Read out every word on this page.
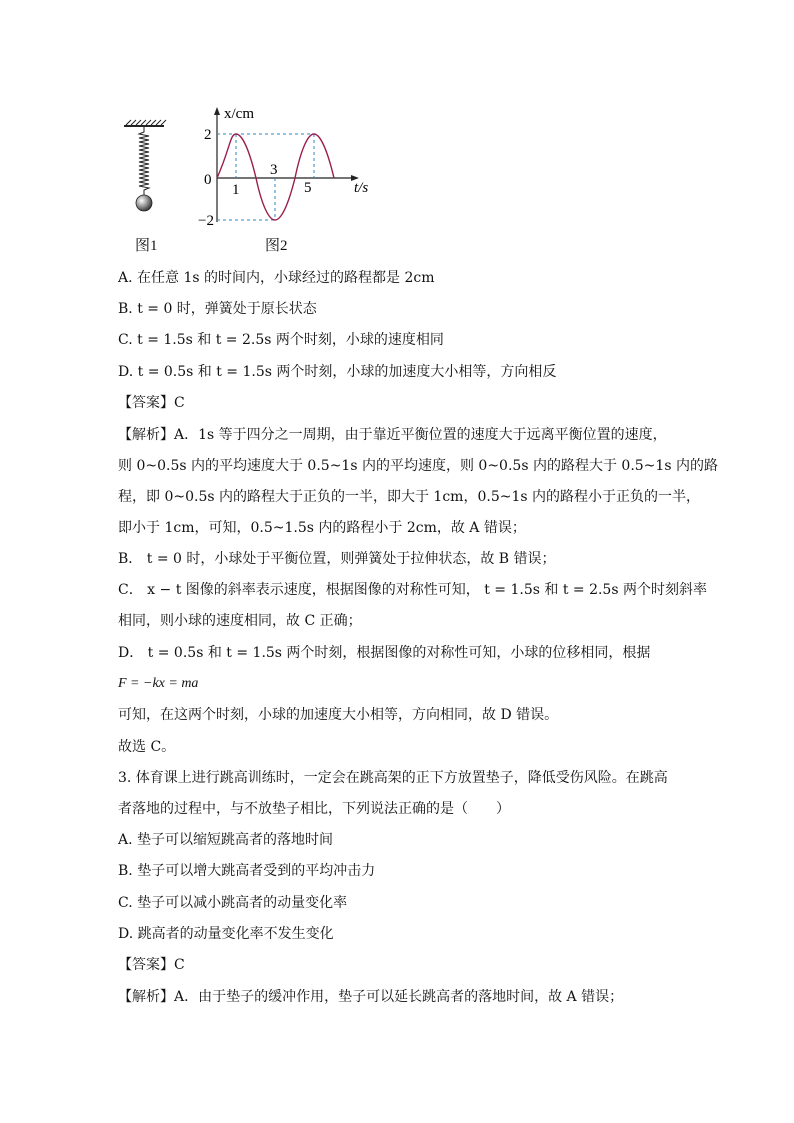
x/cm
t/s
2
0
−2
1
3
5
图1	图2
A. 在任意 1s 的时间内，小球经过的路程都是 2cm
B. t = 0 时，弹簧处于原长状态
C. t = 1.5s 和 t = 2.5s 两个时刻，小球的速度相同
D. t = 0.5s 和 t = 1.5s 两个时刻，小球的加速度大小相等，方向相反
【答案】C
【解析】A．1s 等于四分之一周期，由于靠近平衡位置的速度大于远离平衡位置的速度，
则 0~0.5s 内的平均速度大于 0.5~1s 内的平均速度，则 0~0.5s 内的路程大于 0.5~1s 内的路
程，即 0~0.5s 内的路程大于正负的一半，即大于 1cm，0.5~1s 内的路程小于正负的一半，
即小于 1cm，可知，0.5~1.5s 内的路程小于 2cm，故 A 错误；
B． t = 0 时，小球处于平衡位置，则弹簧处于拉伸状态，故 B 错误；
C． x − t 图像的斜率表示速度，根据图像的对称性可知， t = 1.5s 和 t = 2.5s 两个时刻斜率
相同，则小球的速度相同，故 C 正确；
D． t = 0.5s 和 t = 1.5s 两个时刻，根据图像的对称性可知，小球的位移相同，根据
F = −kx = ma
可知，在这两个时刻，小球的加速度大小相等，方向相同，故 D 错误。
故选 C。
3. 体育课上进行跳高训练时，一定会在跳高架的正下方放置垫子，降低受伤风险。在跳高
者落地的过程中，与不放垫子相比，下列说法正确的是（　　）
A. 垫子可以缩短跳高者的落地时间
B. 垫子可以增大跳高者受到的平均冲击力
C. 垫子可以减小跳高者的动量变化率
D. 跳高者的动量变化率不发生变化
【答案】C
【解析】A．由于垫子的缓冲作用，垫子可以延长跳高者的落地时间，故 A 错误；
